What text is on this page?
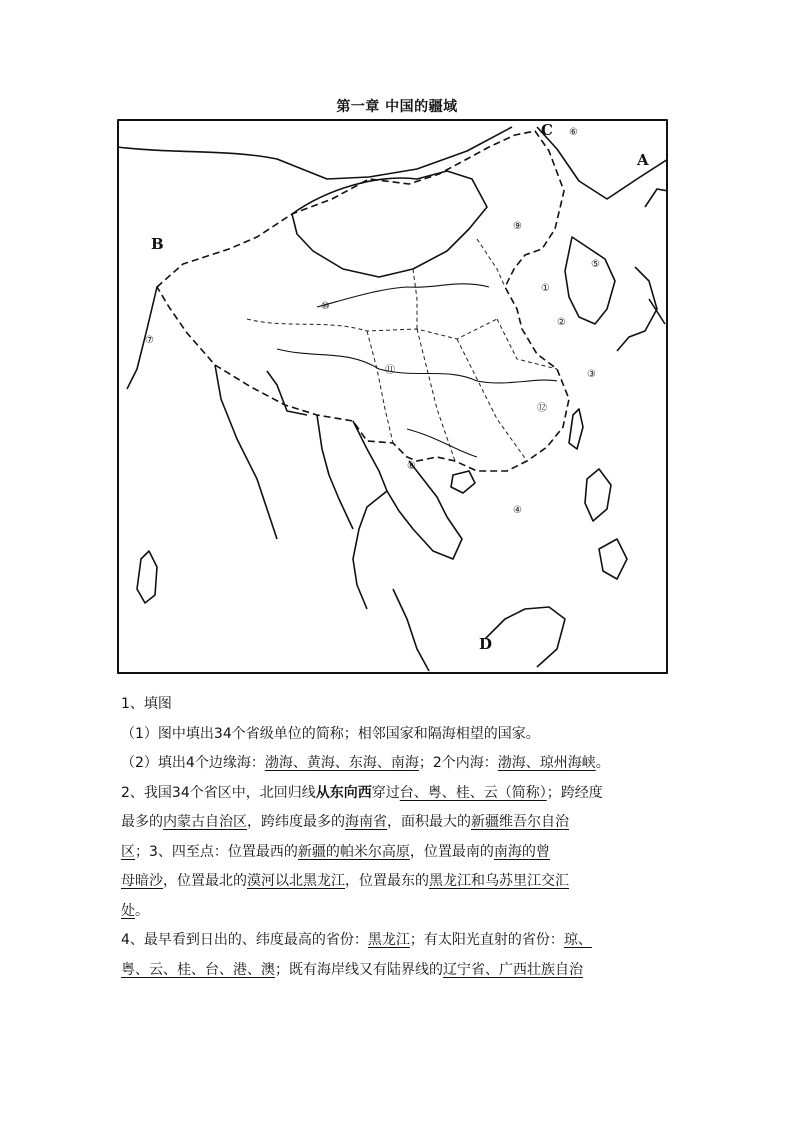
第一章 中国的疆域
①
②
③
④
⑤
⑥
⑦
⑧
⑨
⑩
⑪
⑫
A
B
C
D

1、填图

（1）图中填出34个省级单位的简称；相邻国家和隔海相望的国家。

（2）填出4个边缘海：渤海、黄海、东海、南海；2个内海：渤海、琼州海峡。

2、我国34个省区中，北回归线从东向西穿过台、粤、桂、云（简称）；跨经度

最多的内蒙古自治区，跨纬度最多的海南省，面积最大的新疆维吾尔自治

区；3、四至点：位置最西的新疆的帕米尔高原，位置最南的南海的曾

母暗沙，位置最北的漠河以北黑龙江，位置最东的黑龙江和乌苏里江交汇

处。

4、最早看到日出的、纬度最高的省份：黑龙江；有太阳光直射的省份：琼、

粤、云、桂、台、港、澳；既有海岸线又有陆界线的辽宁省、广西壮族自治
